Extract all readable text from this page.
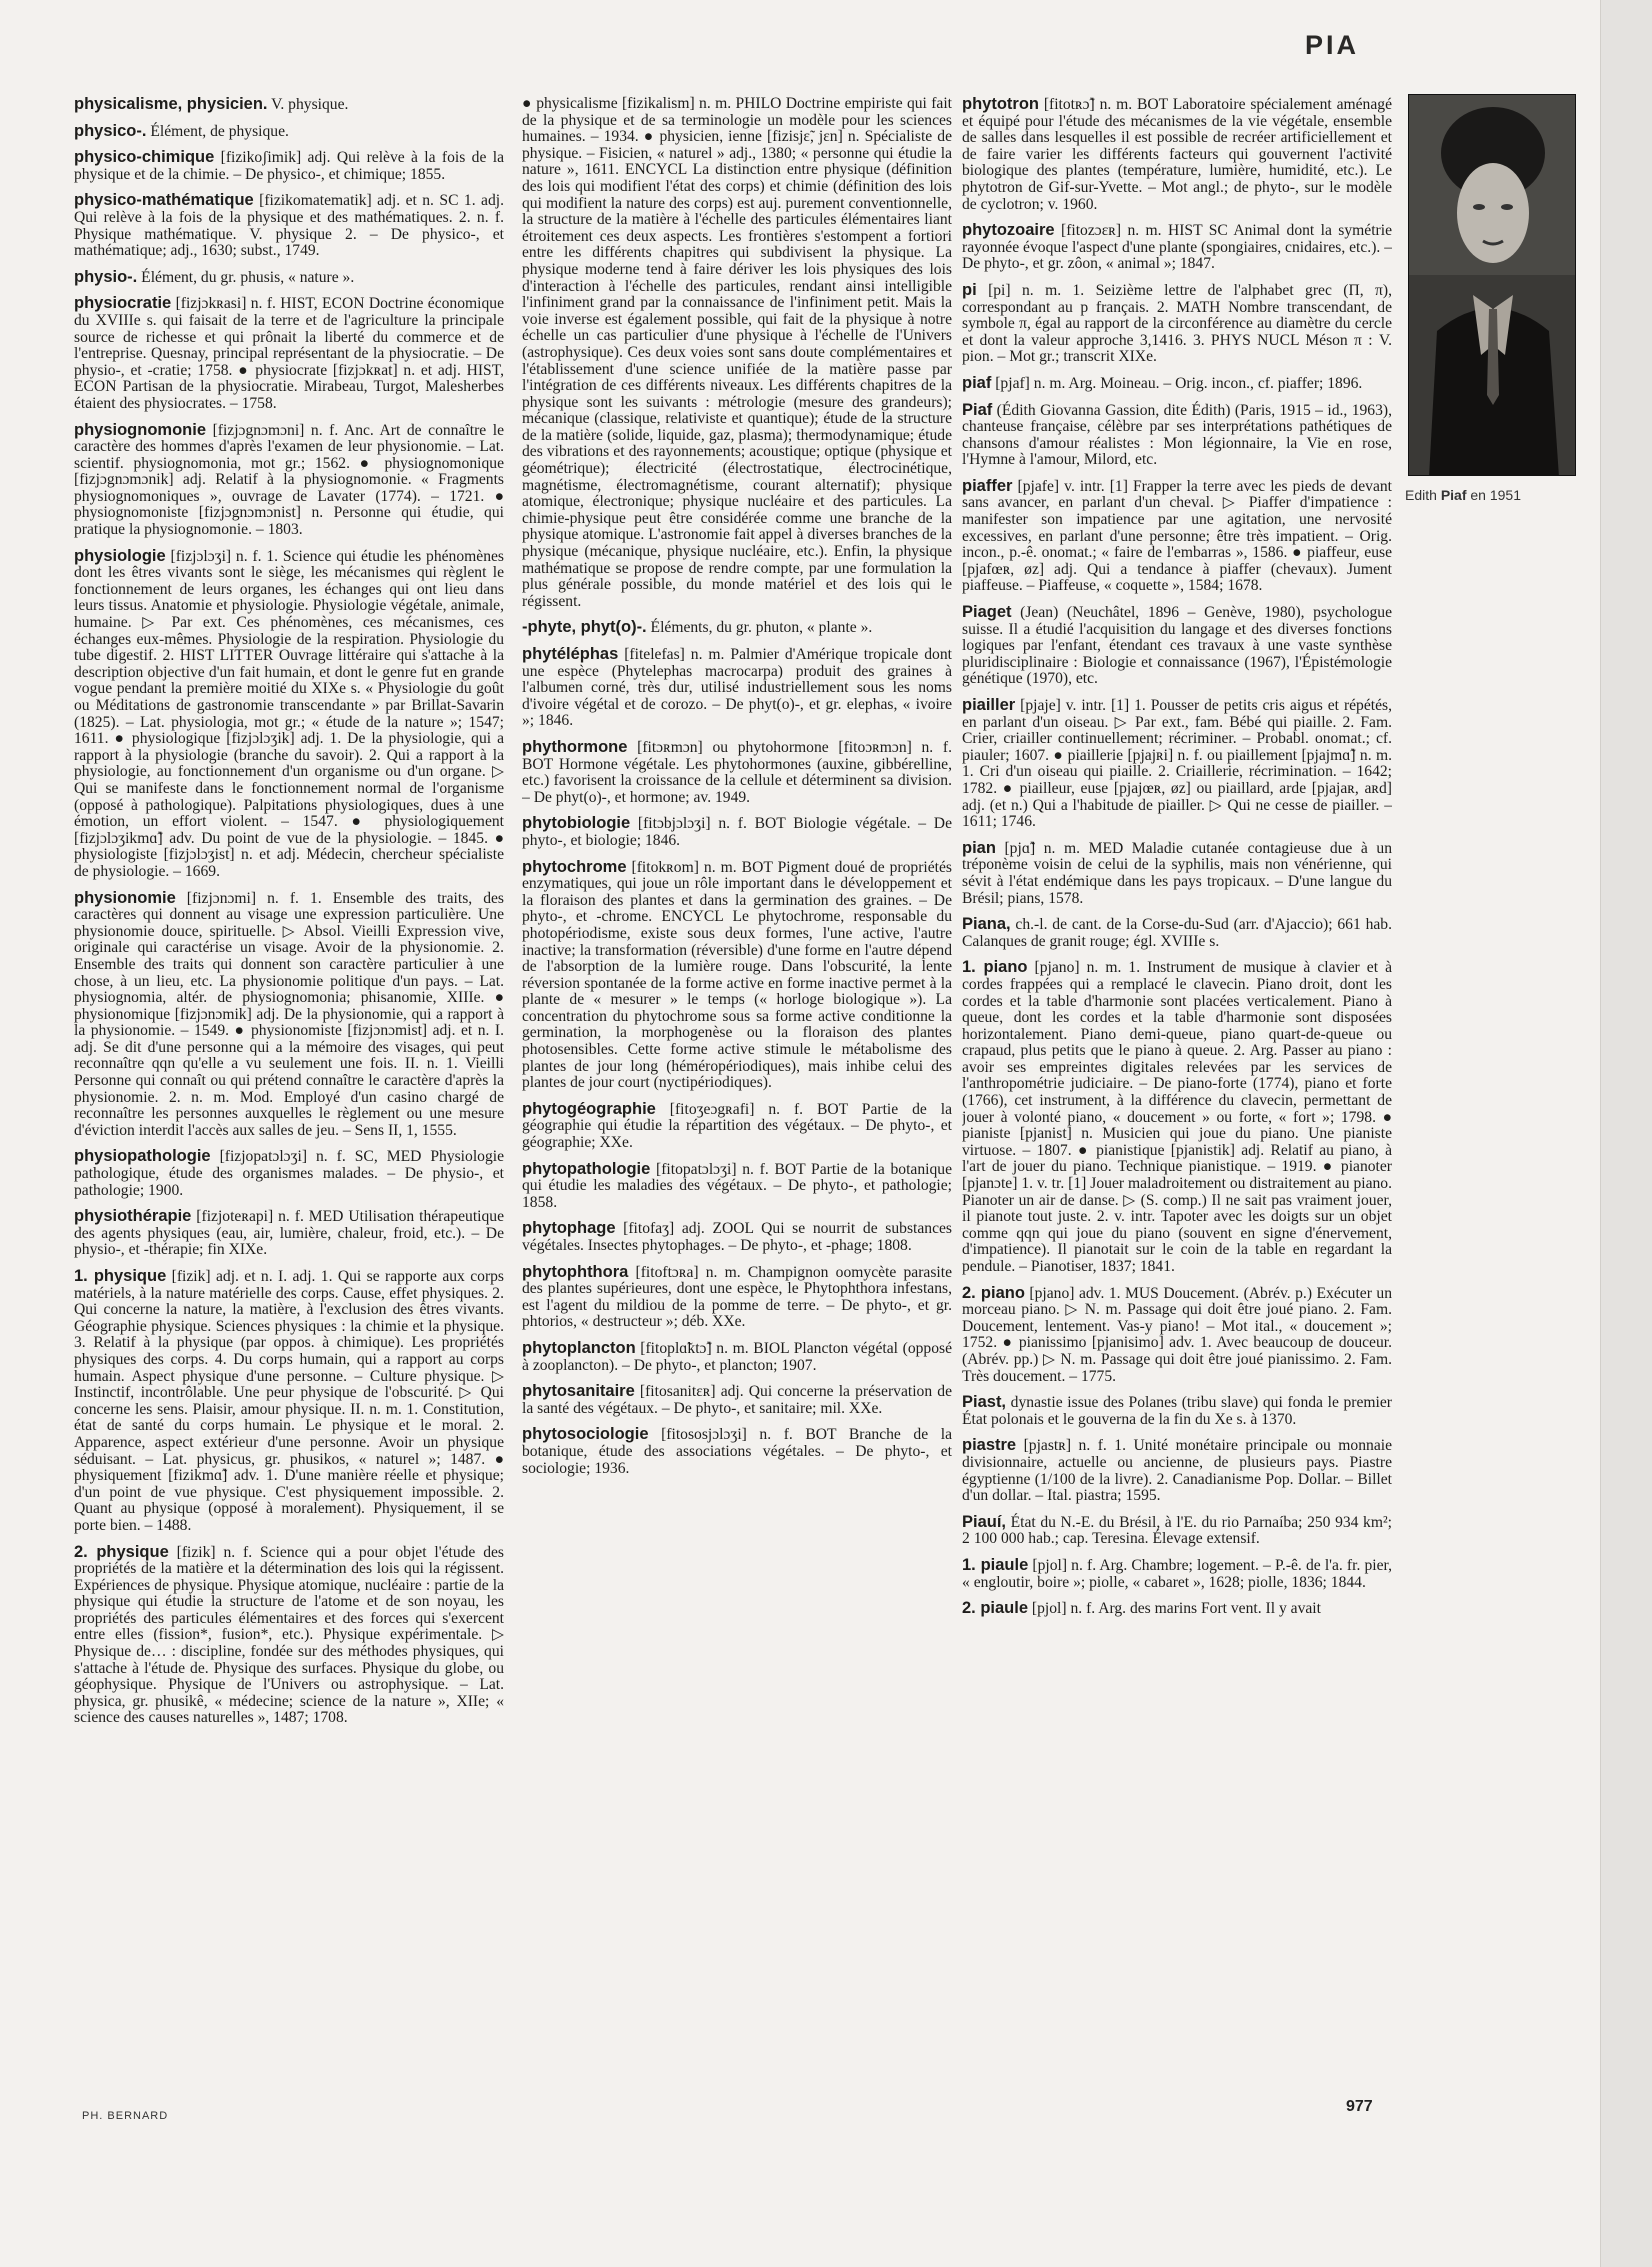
PIA

physicalisme, physicien. V. physique.

physico-. Élément, de physique.

physico-chimique [fizikoʃimik] adj. Qui relève à la fois de la physique et de la chimie. – De physico-, et chimique; 1855.

physico-mathématique [fizikomatematik] adj. et n. SC 1. adj. Qui relève à la fois de la physique et des mathématiques. 2. n. f. Physique mathématique. V. physique 2. – De physico-, et mathématique; adj., 1630; subst., 1749.

physio-. Élément, du gr. phusis, « nature ».

physiocratie [fizjɔkʀasi] n. f. HIST, ECON Doctrine économique du XVIIIe s. qui faisait de la terre et de l'agriculture la principale source de richesse et qui prônait la liberté du commerce et de l'entreprise. Quesnay, principal représentant de la physiocratie. – De physio-, et -cratie; 1758. ● physiocrate [fizjɔkʀat] n. et adj. HIST, ECON Partisan de la physiocratie. Mirabeau, Turgot, Malesherbes étaient des physiocrates. – 1758.

physiognomonie [fizjɔgnɔmɔni] n. f. Anc. Art de connaître le caractère des hommes d'après l'examen de leur physionomie. – Lat. scientif. physiognomonia, mot gr.; 1562. ● physiognomonique [fizjɔgnɔmɔnik] adj. Relatif à la physiognomonie. « Fragments physiognomoniques », ouvrage de Lavater (1774). – 1721. ● physiognomoniste [fizjɔgnɔmɔnist] n. Personne qui étudie, qui pratique la physiognomonie. – 1803.

physiologie [fizjɔlɔʒi] n. f. 1. Science qui étudie les phénomènes dont les êtres vivants sont le siège, les mécanismes qui règlent le fonctionnement de leurs organes, les échanges qui ont lieu dans leurs tissus. Anatomie et physiologie. Physiologie végétale, animale, humaine. ▷ Par ext. Ces phénomènes, ces mécanismes, ces échanges eux-mêmes. Physiologie de la respiration. Physiologie du tube digestif. 2. HIST LITTER Ouvrage littéraire qui s'attache à la description objective d'un fait humain, et dont le genre fut en grande vogue pendant la première moitié du XIXe s. « Physiologie du goût ou Méditations de gastronomie transcendante » par Brillat-Savarin (1825). – Lat. physiologia, mot gr.; « étude de la nature »; 1547; 1611. ● physiologique [fizjɔlɔʒik] adj. 1. De la physiologie, qui a rapport à la physiologie (branche du savoir). 2. Qui a rapport à la physiologie, au fonctionnement d'un organisme ou d'un organe. ▷ Qui se manifeste dans le fonctionnement normal de l'organisme (opposé à pathologique). Palpitations physiologiques, dues à une émotion, un effort violent. – 1547. ● physiologiquement [fizjɔlɔʒikmɑ̃] adv. Du point de vue de la physiologie. – 1845. ● physiologiste [fizjɔlɔʒist] n. et adj. Médecin, chercheur spécialiste de physiologie. – 1669.

physionomie [fizjɔnɔmi] n. f. 1. Ensemble des traits, des caractères qui donnent au visage une expression particulière. Une physionomie douce, spirituelle. ▷ Absol. Vieilli Expression vive, originale qui caractérise un visage. Avoir de la physionomie. 2. Ensemble des traits qui donnent son caractère particulier à une chose, à un lieu, etc. La physionomie politique d'un pays. – Lat. physiognomia, altér. de physiognomonia; phisanomie, XIIIe. ● physionomique [fizjɔnɔmik] adj. De la physionomie, qui a rapport à la physionomie. – 1549. ● physionomiste [fizjɔnɔmist] adj. et n. I. adj. Se dit d'une personne qui a la mémoire des visages, qui peut reconnaître qqn qu'elle a vu seulement une fois. II. n. 1. Vieilli Personne qui connaît ou qui prétend connaître le caractère d'après la physionomie. 2. n. m. Mod. Employé d'un casino chargé de reconnaître les personnes auxquelles le règlement ou une mesure d'éviction interdit l'accès aux salles de jeu. – Sens II, 1, 1555.

physiopathologie [fizjopatɔlɔʒi] n. f. SC, MED Physiologie pathologique, étude des organismes malades. – De physio-, et pathologie; 1900.

physiothérapie [fizjoteʀapi] n. f. MED Utilisation thérapeutique des agents physiques (eau, air, lumière, chaleur, froid, etc.). – De physio-, et -thérapie; fin XIXe.

1. physique [fizik] adj. et n. I. adj. 1. Qui se rapporte aux corps matériels, à la nature matérielle des corps. Cause, effet physiques. 2. Qui concerne la nature, la matière, à l'exclusion des êtres vivants. Géographie physique. Sciences physiques : la chimie et la physique. 3. Relatif à la physique (par oppos. à chimique). Les propriétés physiques des corps. 4. Du corps humain, qui a rapport au corps humain. Aspect physique d'une personne. – Culture physique. ▷ Instinctif, incontrôlable. Une peur physique de l'obscurité. ▷ Qui concerne les sens. Plaisir, amour physique. II. n. m. 1. Constitution, état de santé du corps humain. Le physique et le moral. 2. Apparence, aspect extérieur d'une personne. Avoir un physique séduisant. – Lat. physicus, gr. phusikos, « naturel »; 1487. ● physiquement [fizikmɑ̃] adv. 1. D'une manière réelle et physique; d'un point de vue physique. C'est physiquement impossible. 2. Quant au physique (opposé à moralement). Physiquement, il se porte bien. – 1488.

2. physique [fizik] n. f. Science qui a pour objet l'étude des propriétés de la matière et la détermination des lois qui la régissent. Expériences de physique. Physique atomique, nucléaire : partie de la physique qui étudie la structure de l'atome et de son noyau, les propriétés des particules élémentaires et des forces qui s'exercent entre elles (fission*, fusion*, etc.). Physique expérimentale. ▷ Physique de… : discipline, fondée sur des méthodes physiques, qui s'attache à l'étude de. Physique des surfaces. Physique du globe, ou géophysique. Physique de l'Univers ou astrophysique. – Lat. physica, gr. phusikê, « médecine; science de la nature », XIIe; « science des causes naturelles », 1487; 1708.

● physicalisme [fizikalism] n. m. PHILO Doctrine empiriste qui fait de la physique et de sa terminologie un modèle pour les sciences humaines. – 1934. ● physicien, ienne [fizisjɛ̃, jɛn] n. Spécialiste de physique. – Fisicien, « naturel » adj., 1380; « personne qui étudie la nature », 1611. ENCYCL La distinction entre physique (définition des lois qui modifient l'état des corps) et chimie (définition des lois qui modifient la nature des corps) est auj. purement conventionnelle, la structure de la matière à l'échelle des particules élémentaires liant étroitement ces deux aspects. Les frontières s'estompent a fortiori entre les différents chapitres qui subdivisent la physique. La physique moderne tend à faire dériver les lois physiques des lois d'interaction à l'échelle des particules, rendant ainsi intelligible l'infiniment grand par la connaissance de l'infiniment petit. Mais la voie inverse est également possible, qui fait de la physique à notre échelle un cas particulier d'une physique à l'échelle de l'Univers (astrophysique). Ces deux voies sont sans doute complémentaires et l'établissement d'une science unifiée de la matière passe par l'intégration de ces différents niveaux. Les différents chapitres de la physique sont les suivants : métrologie (mesure des grandeurs); mécanique (classique, relativiste et quantique); étude de la structure de la matière (solide, liquide, gaz, plasma); thermodynamique; étude des vibrations et des rayonnements; acoustique; optique (physique et géométrique); électricité (électrostatique, électrocinétique, magnétisme, électromagnétisme, courant alternatif); physique atomique, électronique; physique nucléaire et des particules. La chimie-physique peut être considérée comme une branche de la physique atomique. L'astronomie fait appel à diverses branches de la physique (mécanique, physique nucléaire, etc.). Enfin, la physique mathématique se propose de rendre compte, par une formulation la plus générale possible, du monde matériel et des lois qui le régissent.

-phyte, phyt(o)-. Éléments, du gr. phuton, « plante ».

phytéléphas [fitelefas] n. m. Palmier d'Amérique tropicale dont une espèce (Phytelephas macrocarpa) produit des graines à l'albumen corné, très dur, utilisé industriellement sous les noms d'ivoire végétal et de corozo. – De phyt(o)-, et gr. elephas, « ivoire »; 1846.

phythormone [fitɔʀmɔn] ou phytohormone [fitoɔʀmɔn] n. f. BOT Hormone végétale. Les phytohormones (auxine, gibbérelline, etc.) favorisent la croissance de la cellule et déterminent sa division. – De phyt(o)-, et hormone; av. 1949.

phytobiologie [fitɔbjɔlɔʒi] n. f. BOT Biologie végétale. – De phyto-, et biologie; 1846.

phytochrome [fitokʀom] n. m. BOT Pigment doué de propriétés enzymatiques, qui joue un rôle important dans le développement et la floraison des plantes et dans la germination des graines. – De phyto-, et -chrome. ENCYCL Le phytochrome, responsable du photopériodisme, existe sous deux formes, l'une active, l'autre inactive; la transformation (réversible) d'une forme en l'autre dépend de l'absorption de la lumière rouge. Dans l'obscurité, la lente réversion spontanée de la forme active en forme inactive permet à la plante de « mesurer » le temps (« horloge biologique »). La concentration du phytochrome sous sa forme active conditionne la germination, la morphogenèse ou la floraison des plantes photosensibles. Cette forme active stimule le métabolisme des plantes de jour long (héméropériodiques), mais inhibe celui des plantes de jour court (nyctipériodiques).

phytogéographie [fitoʒeɔgʀafi] n. f. BOT Partie de la géographie qui étudie la répartition des végétaux. – De phyto-, et géographie; XXe.

phytopathologie [fitopatɔlɔʒi] n. f. BOT Partie de la botanique qui étudie les maladies des végétaux. – De phyto-, et pathologie; 1858.

phytophage [fitofaʒ] adj. ZOOL Qui se nourrit de substances végétales. Insectes phytophages. – De phyto-, et -phage; 1808.

phytophthora [fitoftɔʀa] n. m. Champignon oomycète parasite des plantes supérieures, dont une espèce, le Phytophthora infestans, est l'agent du mildiou de la pomme de terre. – De phyto-, et gr. phtorios, « destructeur »; déb. XXe.

phytoplancton [fitoplɑ̃ktɔ̃] n. m. BIOL Plancton végétal (opposé à zooplancton). – De phyto-, et plancton; 1907.

phytosanitaire [fitosanitɛʀ] adj. Qui concerne la préservation de la santé des végétaux. – De phyto-, et sanitaire; mil. XXe.

phytosociologie [fitososjɔlɔʒi] n. f. BOT Branche de la botanique, étude des associations végétales. – De phyto-, et sociologie; 1936.

phytotron [fitotʀɔ̃] n. m. BOT Laboratoire spécialement aménagé et équipé pour l'étude des mécanismes de la vie végétale, ensemble de salles dans lesquelles il est possible de recréer artificiellement et de faire varier les différents facteurs qui gouvernent l'activité biologique des plantes (température, lumière, humidité, etc.). Le phytotron de Gif-sur-Yvette. – Mot angl.; de phyto-, sur le modèle de cyclotron; v. 1960.

phytozoaire [fitozɔɛʀ] n. m. HIST SC Animal dont la symétrie rayonnée évoque l'aspect d'une plante (spongiaires, cnidaires, etc.). – De phyto-, et gr. zôon, « animal »; 1847.

pi [pi] n. m. 1. Seizième lettre de l'alphabet grec (Π, π), correspondant au p français. 2. MATH Nombre transcendant, de symbole π, égal au rapport de la circonférence au diamètre du cercle et dont la valeur approche 3,1416. 3. PHYS NUCL Méson π : V. pion. – Mot gr.; transcrit XIXe.

piaf [pjaf] n. m. Arg. Moineau. – Orig. incon., cf. piaffer; 1896.

Piaf (Édith Giovanna Gassion, dite Édith) (Paris, 1915 – id., 1963), chanteuse française, célèbre par ses interprétations pathétiques de chansons d'amour réalistes : Mon légionnaire, la Vie en rose, l'Hymne à l'amour, Milord, etc.

piaffer [pjafe] v. intr. [1] Frapper la terre avec les pieds de devant sans avancer, en parlant d'un cheval. ▷ Piaffer d'impatience : manifester son impatience par une agitation, une nervosité excessives, en parlant d'une personne; être très impatient. – Orig. incon., p.-ê. onomat.; « faire de l'embarras », 1586. ● piaffeur, euse [pjafœʀ, øz] adj. Qui a tendance à piaffer (chevaux). Jument piaffeuse. – Piaffeuse, « coquette », 1584; 1678.

Piaget (Jean) (Neuchâtel, 1896 – Genève, 1980), psychologue suisse. Il a étudié l'acquisition du langage et des diverses fonctions logiques par l'enfant, étendant ces travaux à une vaste synthèse pluridisciplinaire : Biologie et connaissance (1967), l'Épistémologie génétique (1970), etc.

piailler [pjaje] v. intr. [1] 1. Pousser de petits cris aigus et répétés, en parlant d'un oiseau. ▷ Par ext., fam. Bébé qui piaille. 2. Fam. Crier, criailler continuellement; récriminer. – Probabl. onomat.; cf. piauler; 1607. ● piaillerie [pjajʀi] n. f. ou piaillement [pjajmɑ̃] n. m. 1. Cri d'un oiseau qui piaille. 2. Criaillerie, récrimination. – 1642; 1782. ● piailleur, euse [pjajœʀ, øz] ou piaillard, arde [pjajaʀ, aʀd] adj. (et n.) Qui a l'habitude de piailler. ▷ Qui ne cesse de piailler. – 1611; 1746.

pian [pjɑ̃] n. m. MED Maladie cutanée contagieuse due à un tréponème voisin de celui de la syphilis, mais non vénérienne, qui sévit à l'état endémique dans les pays tropicaux. – D'une langue du Brésil; pians, 1578.

Piana, ch.-l. de cant. de la Corse-du-Sud (arr. d'Ajaccio); 661 hab. Calanques de granit rouge; égl. XVIIIe s.

1. piano [pjano] n. m. 1. Instrument de musique à clavier et à cordes frappées qui a remplacé le clavecin. Piano droit, dont les cordes et la table d'harmonie sont placées verticalement. Piano à queue, dont les cordes et la table d'harmonie sont disposées horizontalement. Piano demi-queue, piano quart-de-queue ou crapaud, plus petits que le piano à queue. 2. Arg. Passer au piano : avoir ses empreintes digitales relevées par les services de l'anthropométrie judiciaire. – De piano-forte (1774), piano et forte (1766), cet instrument, à la différence du clavecin, permettant de jouer à volonté piano, « doucement » ou forte, « fort »; 1798. ● pianiste [pjanist] n. Musicien qui joue du piano. Une pianiste virtuose. – 1807. ● pianistique [pjanistik] adj. Relatif au piano, à l'art de jouer du piano. Technique pianistique. – 1919. ● pianoter [pjanɔte] 1. v. tr. [1] Jouer maladroitement ou distraitement au piano. Pianoter un air de danse. ▷ (S. comp.) Il ne sait pas vraiment jouer, il pianote tout juste. 2. v. intr. Tapoter avec les doigts sur un objet comme qqn qui joue du piano (souvent en signe d'énervement, d'impatience). Il pianotait sur le coin de la table en regardant la pendule. – Pianotiser, 1837; 1841.

2. piano [pjano] adv. 1. MUS Doucement. (Abrév. p.) Exécuter un morceau piano. ▷ N. m. Passage qui doit être joué piano. 2. Fam. Doucement, lentement. Vas-y piano! – Mot ital., « doucement »; 1752. ● pianissimo [pjanisimo] adv. 1. Avec beaucoup de douceur. (Abrév. pp.) ▷ N. m. Passage qui doit être joué pianissimo. 2. Fam. Très doucement. – 1775.

Piast, dynastie issue des Polanes (tribu slave) qui fonda le premier État polonais et le gouverna de la fin du Xe s. à 1370.

piastre [pjastʀ] n. f. 1. Unité monétaire principale ou monnaie divisionnaire, actuelle ou ancienne, de plusieurs pays. Piastre égyptienne (1/100 de la livre). 2. Canadianisme Pop. Dollar. – Billet d'un dollar. – Ital. piastra; 1595.

Piauí, État du N.-E. du Brésil, à l'E. du rio Parnaíba; 250 934 km²; 2 100 000 hab.; cap. Teresina. Élevage extensif.

1. piaule [pjol] n. f. Arg. Chambre; logement. – P.-ê. de l'a. fr. pier, « engloutir, boire »; piolle, « cabaret », 1628; piolle, 1836; 1844.

2. piaule [pjol] n. f. Arg. des marins Fort vent. Il y avait

Edith Piaf en 1951
PH. BERNARD
977
